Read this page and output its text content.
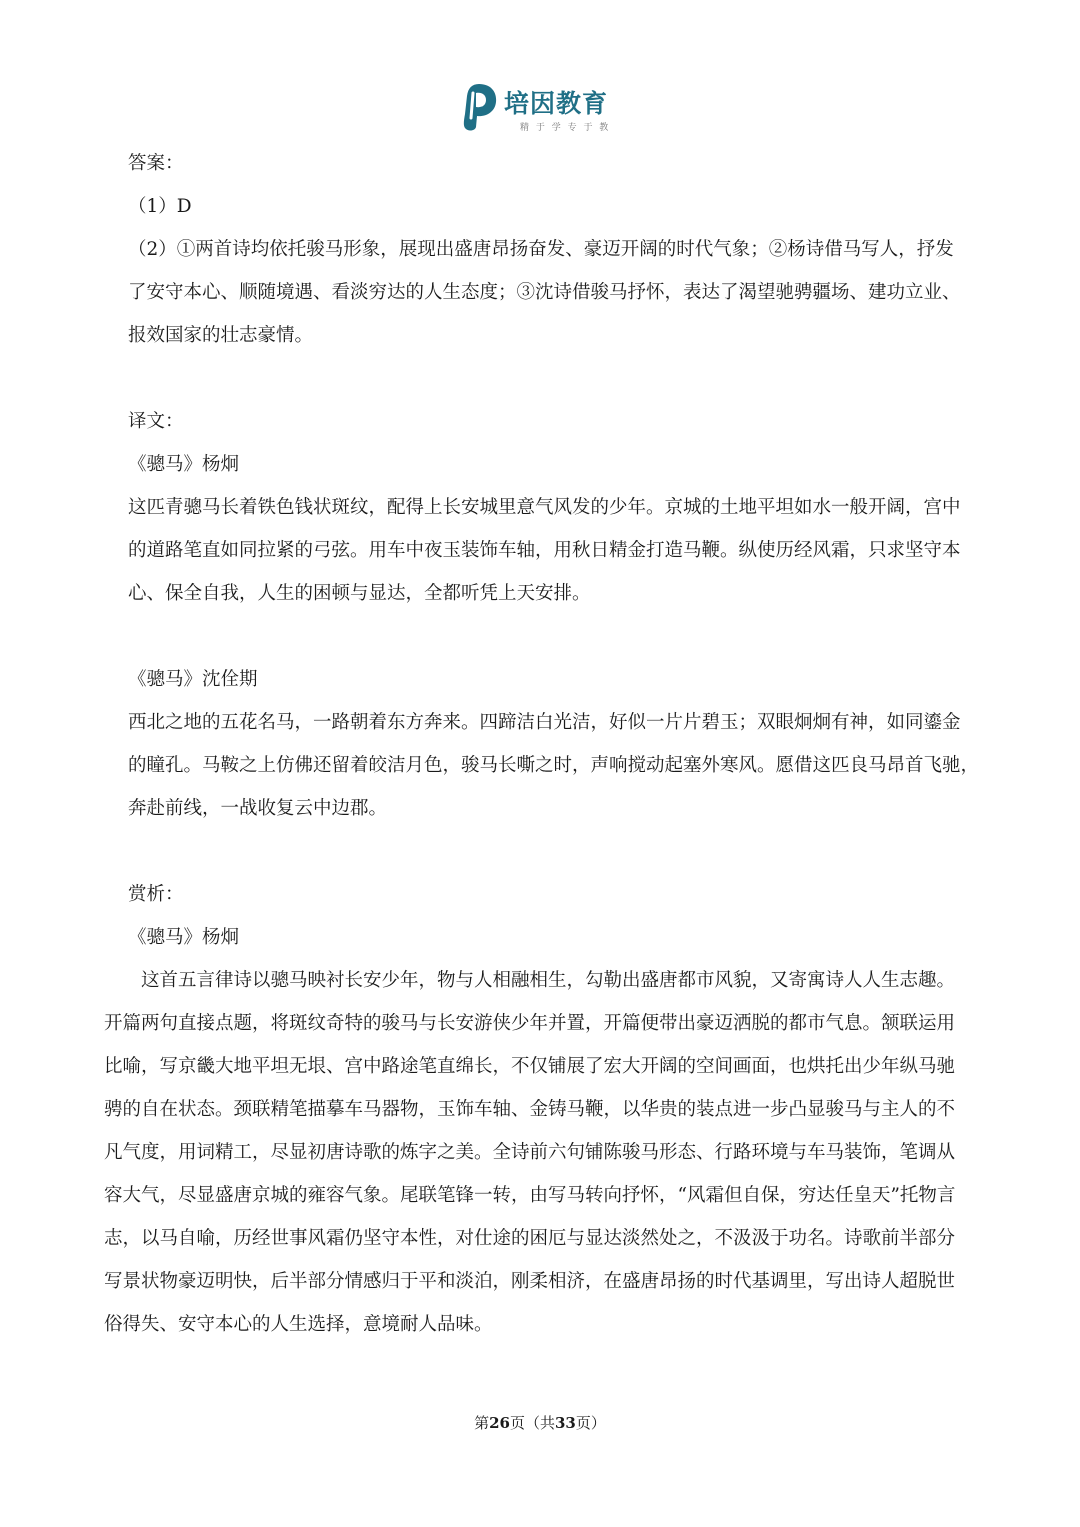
培因教育
精 于 学 专 于 教
答案：
（1）D
（2）①两首诗均依托骏马形象，展现出盛唐昂扬奋发、豪迈开阔的时代气象；②杨诗借马写人，抒发
了安守本心、顺随境遇、看淡穷达的人生态度；③沈诗借骏马抒怀，表达了渴望驰骋疆场、建功立业、
报效国家的壮志豪情。
译文：
《骢马》杨炯
这匹青骢马长着铁色钱状斑纹，配得上长安城里意气风发的少年。京城的土地平坦如水一般开阔，宫中
的道路笔直如同拉紧的弓弦。用车中夜玉装饰车轴，用秋日精金打造马鞭。纵使历经风霜，只求坚守本
心、保全自我，人生的困顿与显达，全都听凭上天安排。
《骢马》沈佺期
西北之地的五花名马，一路朝着东方奔来。四蹄洁白光洁，好似一片片碧玉；双眼炯炯有神，如同鎏金
的瞳孔。马鞍之上仿佛还留着皎洁月色，骏马长嘶之时，声响搅动起塞外寒风。愿借这匹良马昂首飞驰，
奔赴前线，一战收复云中边郡。
赏析：
《骢马》杨炯
这首五言律诗以骢马映衬长安少年，物与人相融相生，勾勒出盛唐都市风貌，又寄寓诗人人生志趣。
开篇两句直接点题，将斑纹奇特的骏马与长安游侠少年并置，开篇便带出豪迈洒脱的都市气息。颔联运用
比喻，写京畿大地平坦无垠、宫中路途笔直绵长，不仅铺展了宏大开阔的空间画面，也烘托出少年纵马驰
骋的自在状态。颈联精笔描摹车马器物，玉饰车轴、金铸马鞭，以华贵的装点进一步凸显骏马与主人的不
凡气度，用词精工，尽显初唐诗歌的炼字之美。全诗前六句铺陈骏马形态、行路环境与车马装饰，笔调从
容大气，尽显盛唐京城的雍容气象。尾联笔锋一转，由写马转向抒怀，“风霜但自保，穷达任皇天”托物言
志，以马自喻，历经世事风霜仍坚守本性，对仕途的困厄与显达淡然处之，不汲汲于功名。诗歌前半部分
写景状物豪迈明快，后半部分情感归于平和淡泊，刚柔相济，在盛唐昂扬的时代基调里，写出诗人超脱世
俗得失、安守本心的人生选择，意境耐人品味。
第26页（共33页）
